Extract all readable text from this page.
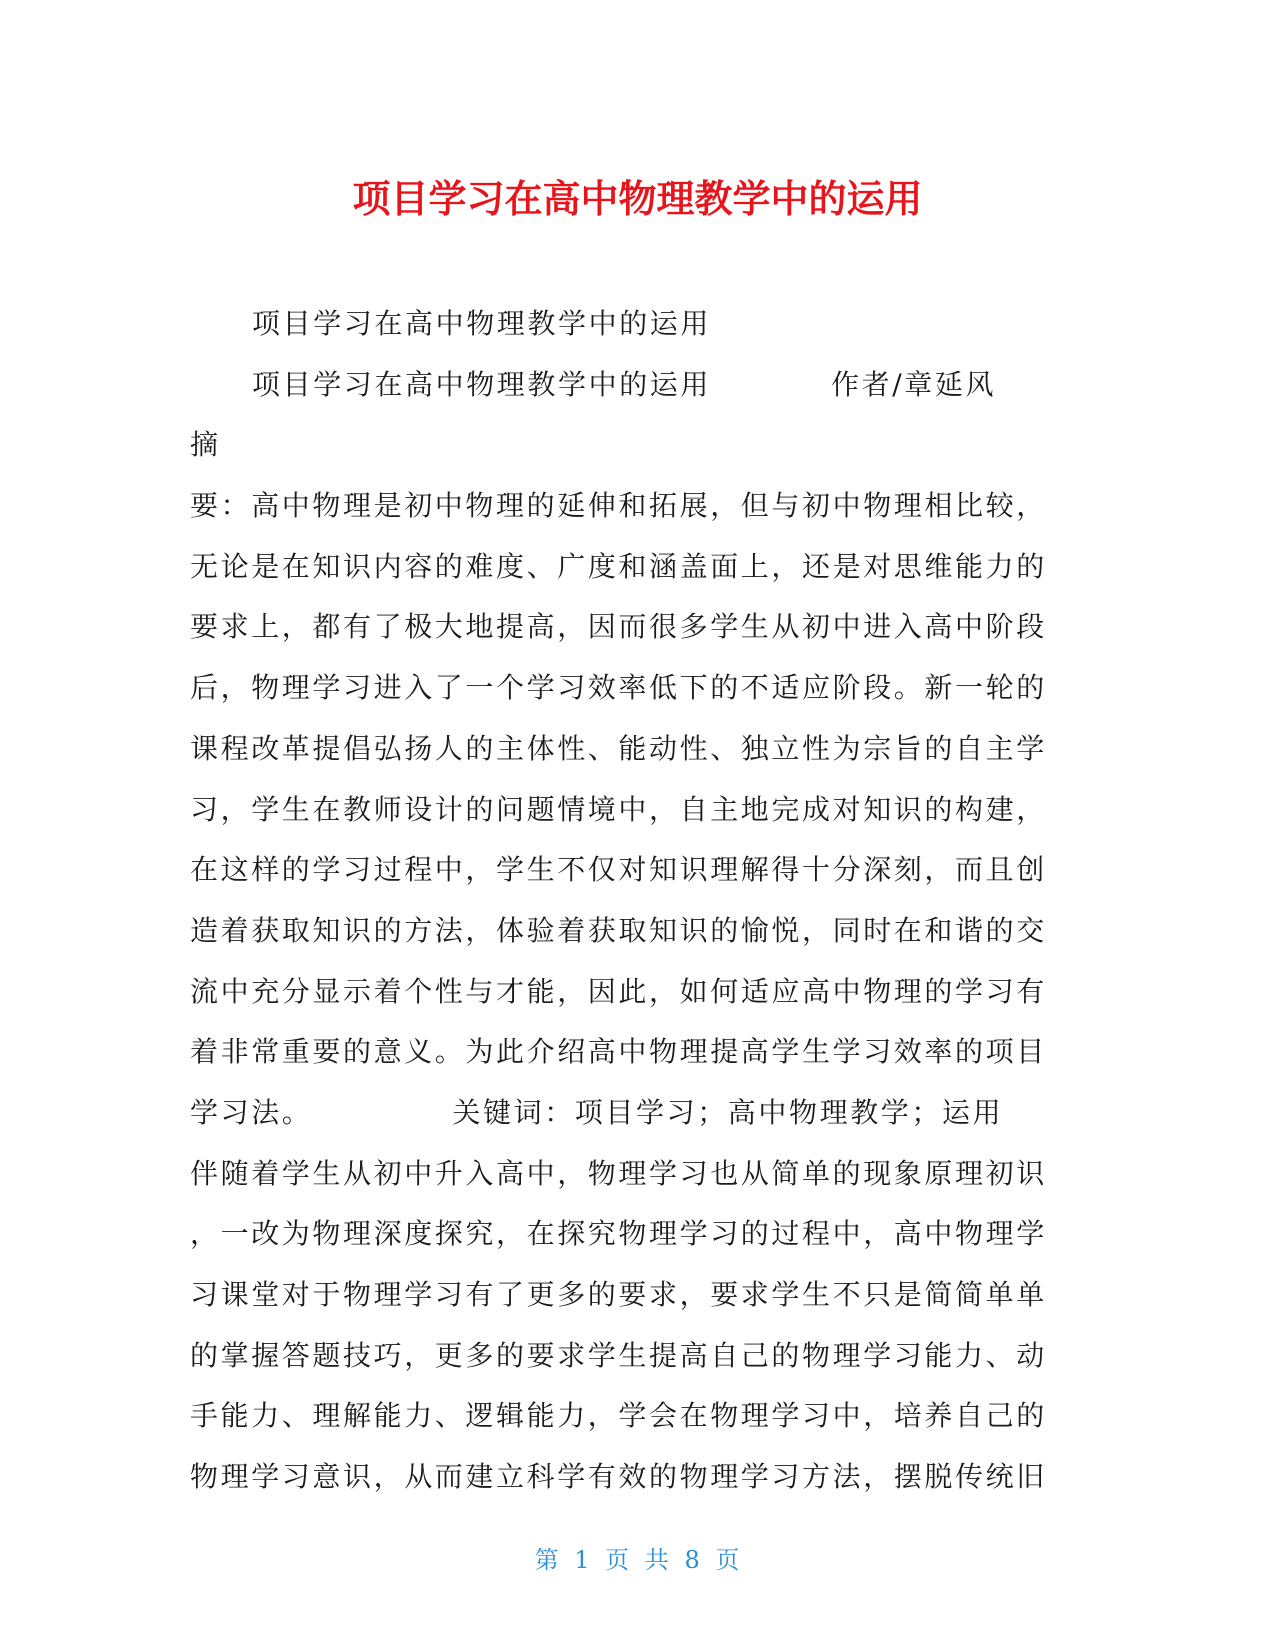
项目学习在高中物理教学中的运用
项目学习在高中物理教学中的运用
项目学习在高中物理教学中的运用	作者/章延风
摘
要：高中物理是初中物理的延伸和拓展，但与初中物理相比较，
无论是在知识内容的难度、广度和涵盖面上，还是对思维能力的
要求上，都有了极大地提高，因而很多学生从初中进入高中阶段
后，物理学习进入了一个学习效率低下的不适应阶段。新一轮的
课程改革提倡弘扬人的主体性、能动性、独立性为宗旨的自主学
习，学生在教师设计的问题情境中，自主地完成对知识的构建，
在这样的学习过程中，学生不仅对知识理解得十分深刻，而且创
造着获取知识的方法，体验着获取知识的愉悦，同时在和谐的交
流中充分显示着个性与才能，因此，如何适应高中物理的学习有
着非常重要的意义。为此介绍高中物理提高学生学习效率的项目
学习法。	关键词：项目学习；高中物理教学；运用
伴随着学生从初中升入高中，物理学习也从简单的现象原理初识
，一改为物理深度探究，在探究物理学习的过程中，高中物理学
习课堂对于物理学习有了更多的要求，要求学生不只是简简单单
的掌握答题技巧，更多的要求学生提高自己的物理学习能力、动
手能力、理解能力、逻辑能力，学会在物理学习中，培养自己的
物理学习意识，从而建立科学有效的物理学习方法，摆脱传统旧
第 1 页 共 8 页
